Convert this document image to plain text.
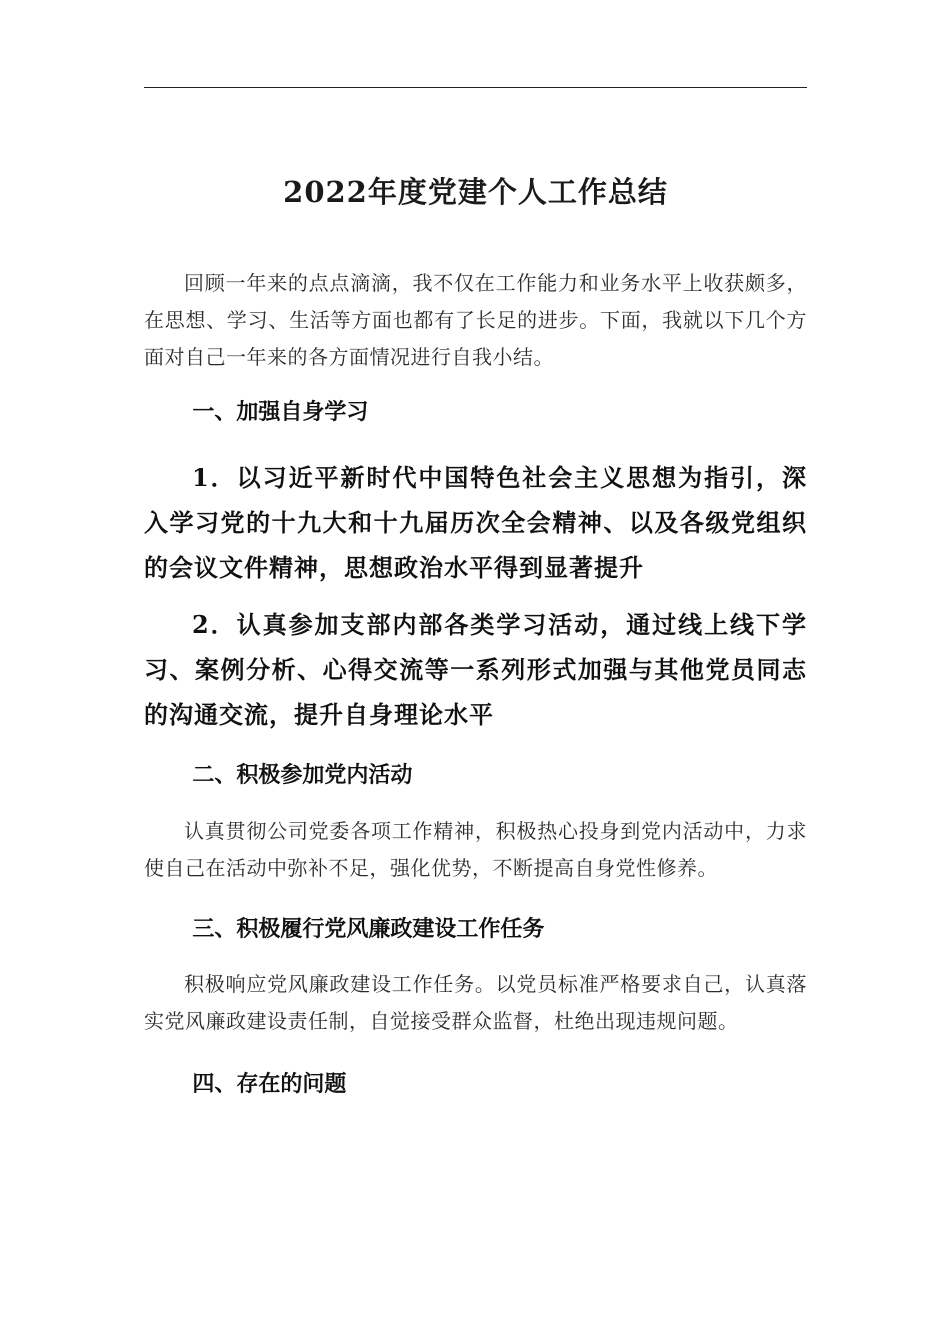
2022年度党建个人工作总结

回顾一年来的点点滴滴，我不仅在工作能力和业务水平上收获颇多，在思想、学习、生活等方面也都有了长足的进步。下面，我就以下几个方面对自己一年来的各方面情况进行自我小结。

一、加强自身学习

1．以习近平新时代中国特色社会主义思想为指引，深入学习党的十九大和十九届历次全会精神、以及各级党组织的会议文件精神，思想政治水平得到显著提升

2．认真参加支部内部各类学习活动，通过线上线下学习、案例分析、心得交流等一系列形式加强与其他党员同志的沟通交流，提升自身理论水平

二、积极参加党内活动

认真贯彻公司党委各项工作精神，积极热心投身到党内活动中，力求使自己在活动中弥补不足，强化优势，不断提高自身党性修养。

三、积极履行党风廉政建设工作任务

积极响应党风廉政建设工作任务。以党员标准严格要求自己，认真落实党风廉政建设责任制，自觉接受群众监督，杜绝出现违规问题。

四、存在的问题
